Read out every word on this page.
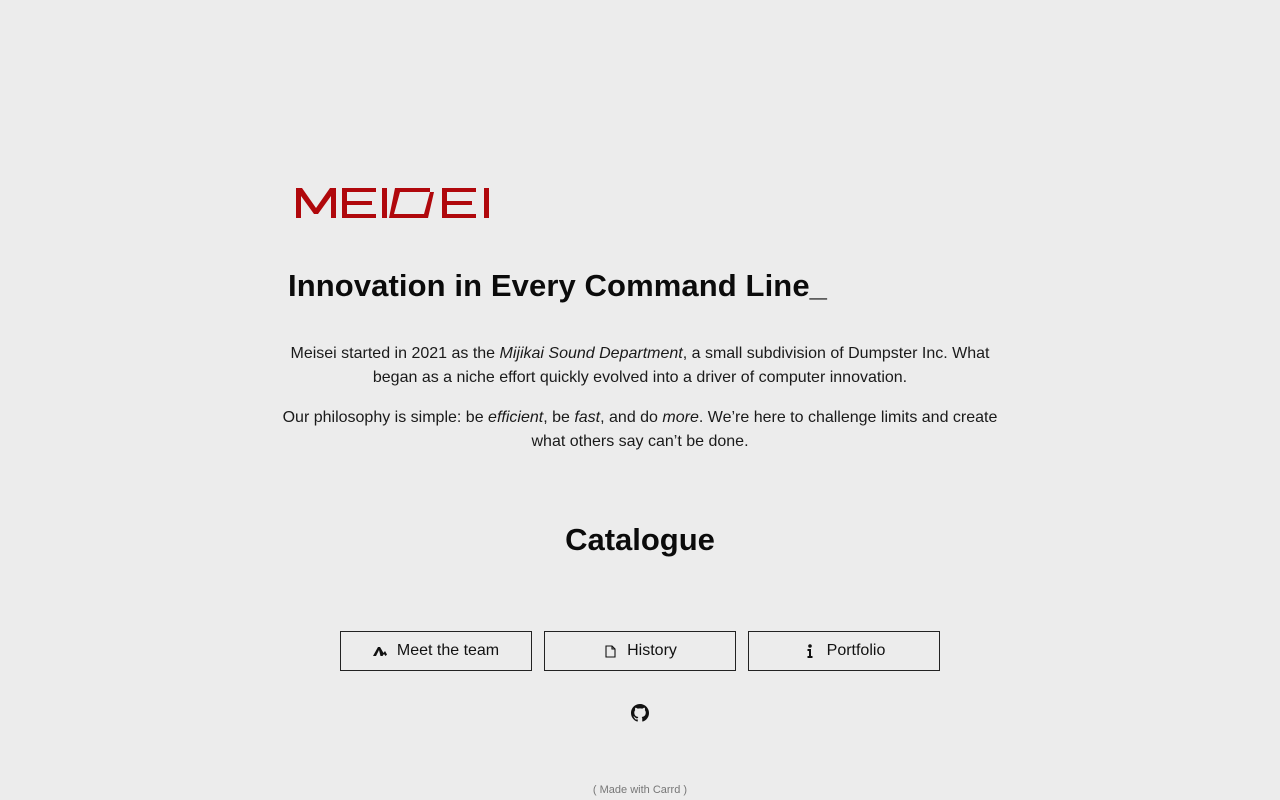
Innovation in Every Command Line_

Meisei started in 2021 as the Mijikai Sound Department, a small subdivision of Dumpster Inc. What began as a niche effort quickly evolved into a driver of computer innovation.

Our philosophy is simple: be efficient, be fast, and do more. We’re here to challenge limits and create what others say can’t be done.

Catalogue
Meet the team	History	Portfolio
( Made with Carrd )
